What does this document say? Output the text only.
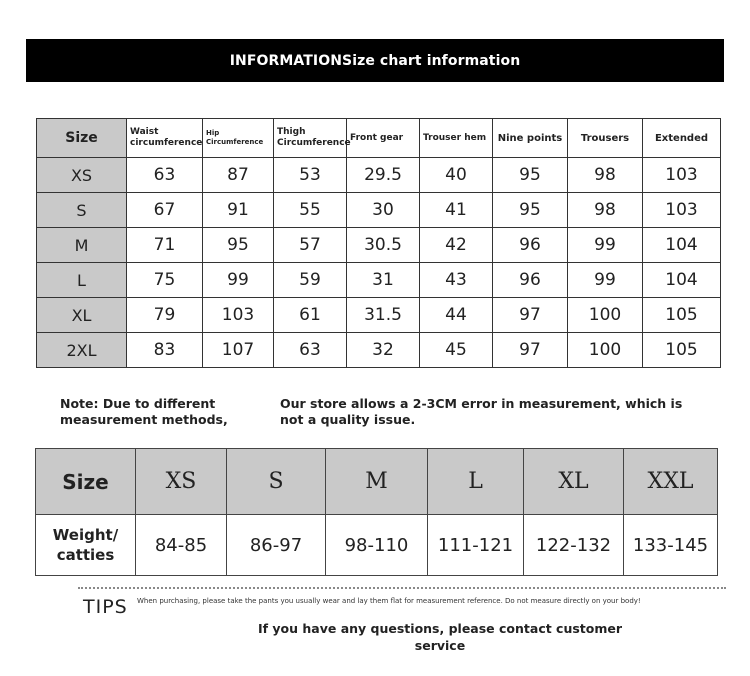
INFORMATIONSize chart information
Size	Waist circumference	Hip Circumference	Thigh Circumference	Front gear	Trouser hem	Nine points	Trousers	Extended
XS	63	87	53	29.5	40	95	98	103
S	67	91	55	30	41	95	98	103
M	71	95	57	30.5	42	96	99	104
L	75	99	59	31	43	96	99	104
XL	79	103	61	31.5	44	97	100	105
2XL	83	107	63	32	45	97	100	105
Note: Due to different measurement methods,
Our store allows a 2-3CM error in measurement, which is not a quality issue.
Size	XS	S	M	L	XL	XXL
Weight/ catties	84-85	86-97	98-110	111-121	122-132	133-145
TIPS When purchasing, please take the pants you usually wear and lay them flat for measurement reference. Do not measure directly on your body!
If you have any questions, please contact customer service
